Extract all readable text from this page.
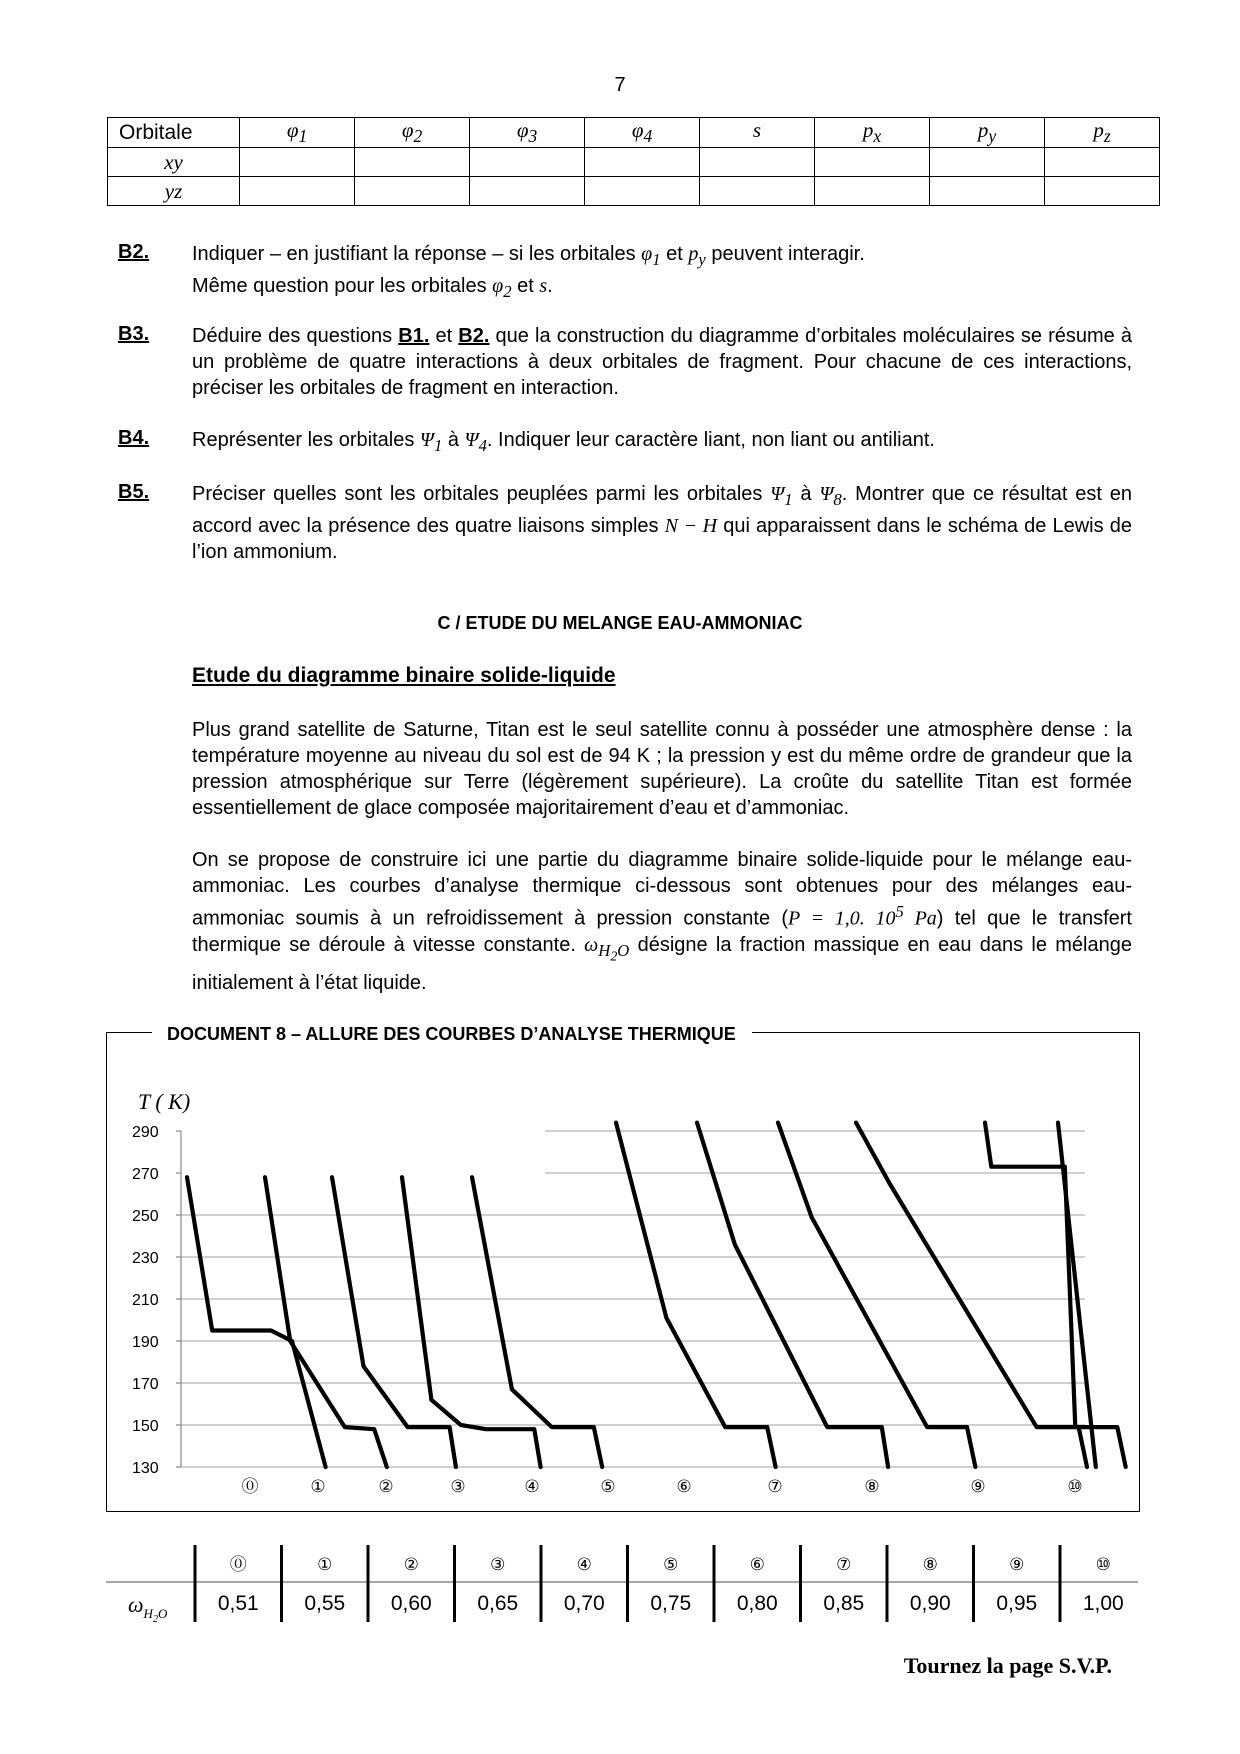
7
Orbitale	$\varphi_1$	$\varphi_2$	$\varphi_3$	$\varphi_4$	s	$p_x$	$p_y$	$p_z$
xy								
yz								
B2. Indiquer – en justifiant la réponse – si les orbitales $\varphi_1$ et $p_y$ peuvent interagir.
Même question pour les orbitales $\varphi_2$ et s.
B3. Déduire des questions B1. et B2. que la construction du diagramme d’orbitales moléculaires se résume à un problème de quatre interactions à deux orbitales de fragment. Pour chacune de ces interactions, préciser les orbitales de fragment en interaction.
B4. Représenter les orbitales $\Psi_1$ à $\Psi_4$. Indiquer leur caractère liant, non liant ou antiliant.
B5. Préciser quelles sont les orbitales peuplées parmi les orbitales $\Psi_1$ à $\Psi_8$. Montrer que ce résultat est en accord avec la présence des quatre liaisons simples N − H qui apparaissent dans le schéma de Lewis de l’ion ammonium.
C / ETUDE DU MELANGE EAU-AMMONIAC
Etude du diagramme binaire solide-liquide
Plus grand satellite de Saturne, Titan est le seul satellite connu à posséder une atmosphère dense : la température moyenne au niveau du sol est de 94 K ; la pression y est du même ordre de grandeur que la pression atmosphérique sur Terre (légèrement supérieure). La croûte du satellite Titan est formée essentiellement de glace composée majoritairement d’eau et d’ammoniac.
On se propose de construire ici une partie du diagramme binaire solide-liquide pour le mélange eau-ammoniac. Les courbes d’analyse thermique ci-dessous sont obtenues pour des mélanges eau-ammoniac soumis à un refroidissement à pression constante (P = 1,0. $10^5$ Pa) tel que le transfert thermique se déroule à vitesse constante. $\omega_{H_2O}$ désigne la fraction massique en eau dans le mélange initialement à l’état liquide.
DOCUMENT 8 – ALLURE DES COURBES D’ANALYSE THERMIQUE
130
150
170
190
210
230
250
270
290
⓪	①	②	③	④	⑤	⑥	⑦	⑧	⑨	⑩
T ( K)
⓪	①	②	③	④	⑤	⑥	⑦	⑧	⑨	⑩
0,51 0,55 0,60 0,65 0,70 0,75 0,80 0,85 0,90 0,95 1,00
$\omega_H2O$
Tournez la page S.V.P.
